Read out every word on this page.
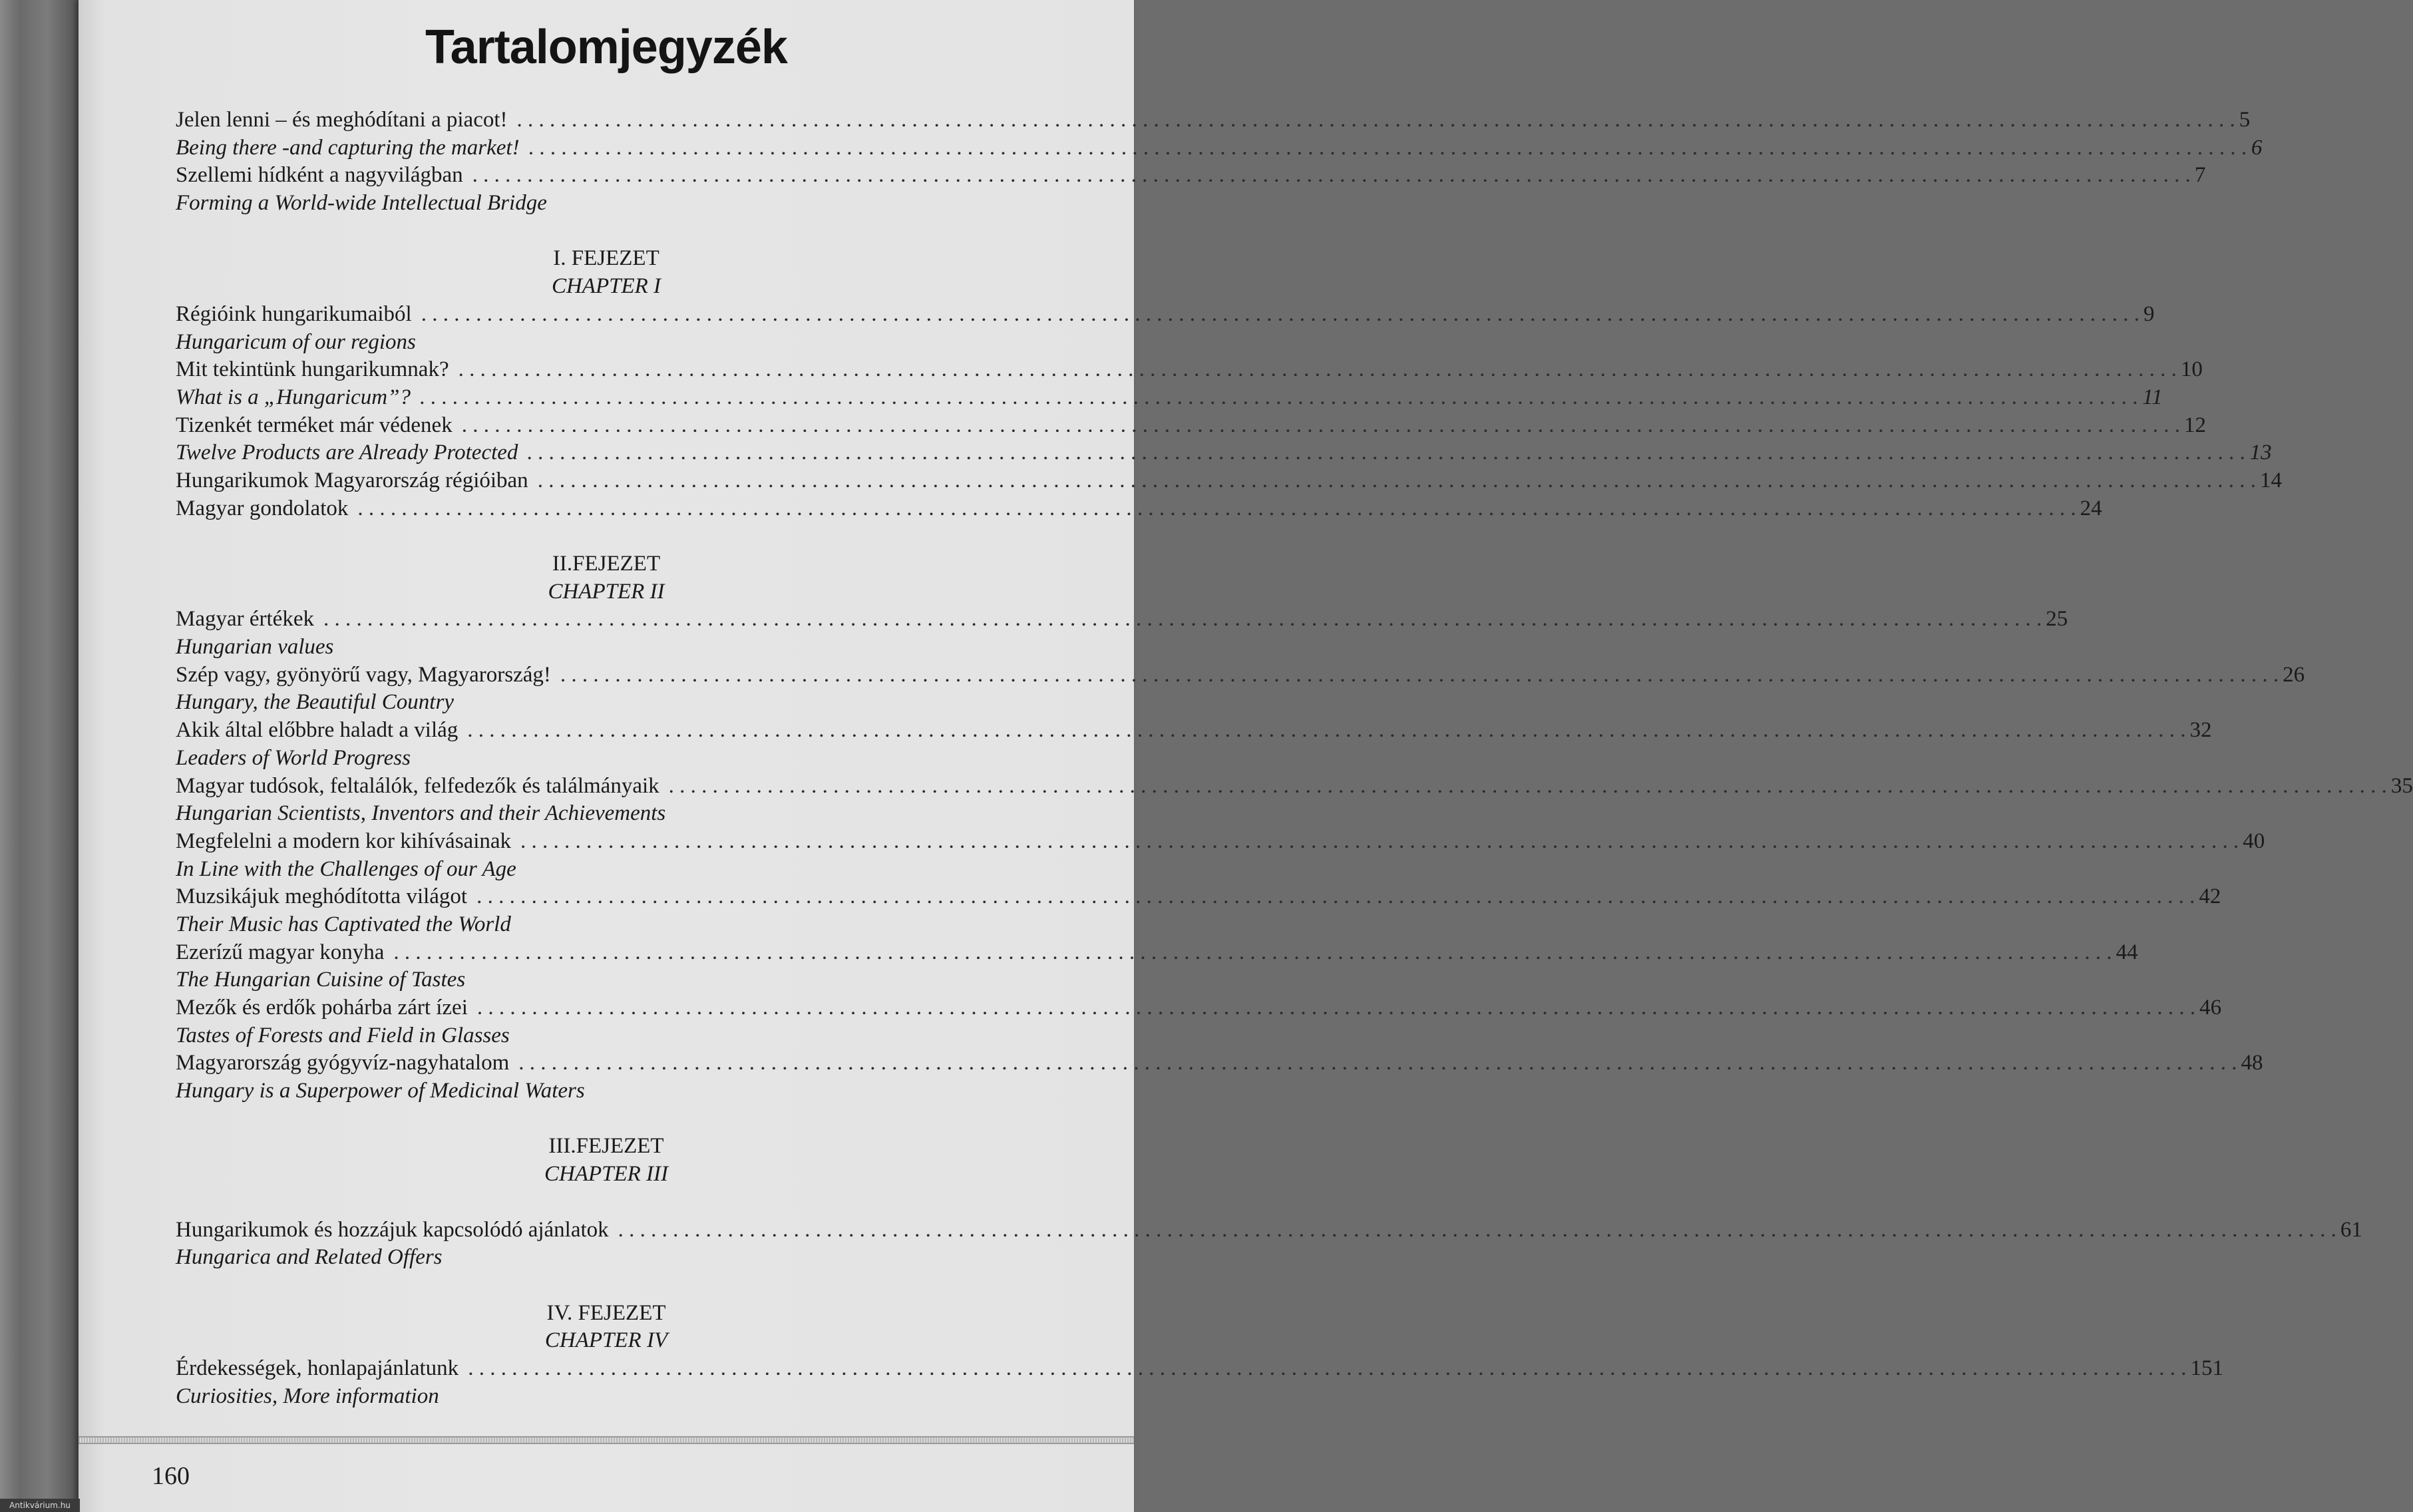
Tartalomjegyzék
Jelen lenni – és meghódítani a piacot! . . .	5
Being there -and capturing the market! . . .	6
Szellemi hídként a nagyvilágban . . .	7
Forming a World-wide Intellectual Bridge
I. FEJEZET
CHAPTER I
Régióink hungarikumaiból . . .	9
Hungaricum of our regions
Mit tekintünk hungarikumnak? . . .	10
What is a „Hungaricum”? . . .	11
Tizenkét terméket már védenek . . .	12
Twelve Products are Already Protected . . .	13
Hungarikumok Magyarország régióiban . . .	14
Magyar gondolatok . . .	24
II.FEJEZET
CHAPTER II
Magyar értékek . . .	25
Hungarian values
Szép vagy, gyönyörű vagy, Magyarország! . . .	26
Hungary, the Beautiful Country
Akik által előbbre haladt a világ . . .	32
Leaders of World Progress
Magyar tudósok, feltalálók, felfedezők és találmányaik . . .	35
Hungarian Scientists, Inventors and their Achievements
Megfelelni a modern kor kihívásainak . . .	40
In Line with the Challenges of our Age
Muzsikájuk meghódította világot . . .	42
Their Music has Captivated the World
Ezerízű magyar konyha . . .	44
The Hungarian Cuisine of Tastes
Mezők és erdők pohárba zárt ízei . . .	46
Tastes of Forests and Field in Glasses
Magyarország gyógyvíz-nagyhatalom . . .	48
Hungary is a Superpower of Medicinal Waters
III.FEJEZET
CHAPTER III
Hungarikumok és hozzájuk kapcsolódó ajánlatok . . .	61
Hungarica and Related Offers
IV. FEJEZET
CHAPTER IV
Érdekességek, honlapajánlatunk . . .	151
Curiosities, More information
160
Antikvárium.hu
